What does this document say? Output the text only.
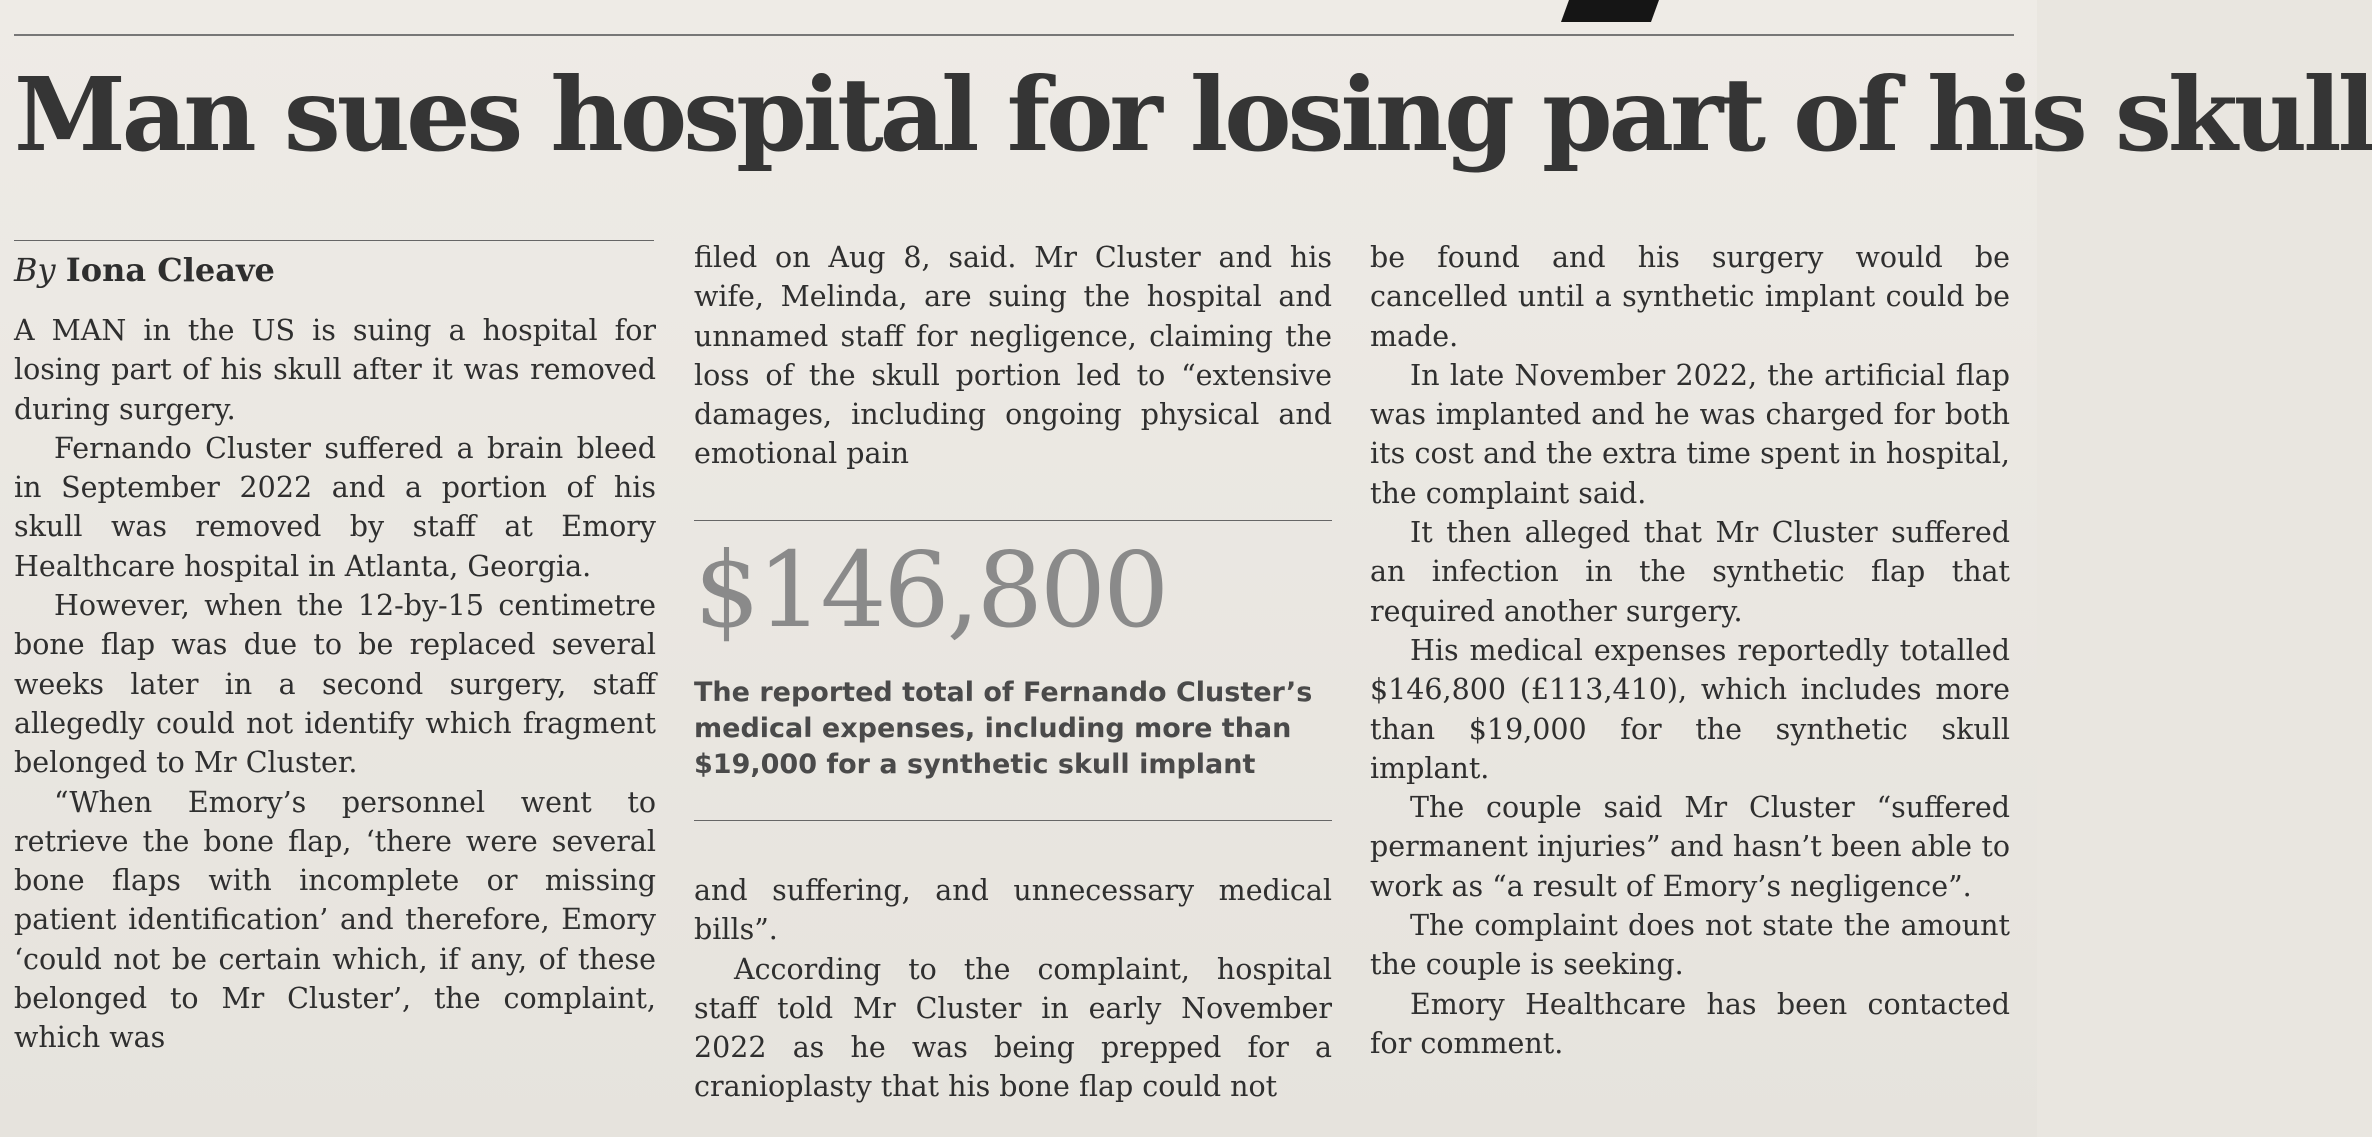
Man sues hospital for losing part of his skull
By Iona Cleave

A MAN in the US is suing a hospital for losing part of his skull after it was removed during surgery.

Fernando Cluster suffered a brain bleed in September 2022 and a portion of his skull was removed by staff at Emory Healthcare hospital in Atlanta, Georgia.

However, when the 12-by-15 centimetre bone flap was due to be replaced several weeks later in a second surgery, staff allegedly could not identify which fragment belonged to Mr Cluster.

“When Emory’s personnel went to retrieve the bone flap, ‘there were several bone flaps with incomplete or missing patient identification’ and therefore, Emory ‘could not be certain which, if any, of these belonged to Mr Cluster’, the complaint, which was

filed on Aug 8, said. Mr Cluster and his wife, Melinda, are suing the hospital and unnamed staff for negligence, claiming the loss of the skull portion led to “extensive damages, including ongoing physical and emotional pain

$146,800
The reported total of Fernando Cluster’s medical expenses, including more than $19,000 for a synthetic skull implant

and suffering, and unnecessary medical bills”.

According to the complaint, hospital staff told Mr Cluster in early November 2022 as he was being prepped for a cranioplasty that his bone flap could not

be found and his surgery would be cancelled until a synthetic implant could be made.

In late November 2022, the artificial flap was implanted and he was charged for both its cost and the extra time spent in hospital, the complaint said.

It then alleged that Mr Cluster suffered an infection in the synthetic flap that required another surgery.

His medical expenses reportedly totalled $146,800 (£113,410), which includes more than $19,000 for the synthetic skull implant.

The couple said Mr Cluster “suffered permanent injuries” and hasn’t been able to work as “a result of Emory’s negligence”.

The complaint does not state the amount the couple is seeking.

Emory Healthcare has been contacted for comment.
